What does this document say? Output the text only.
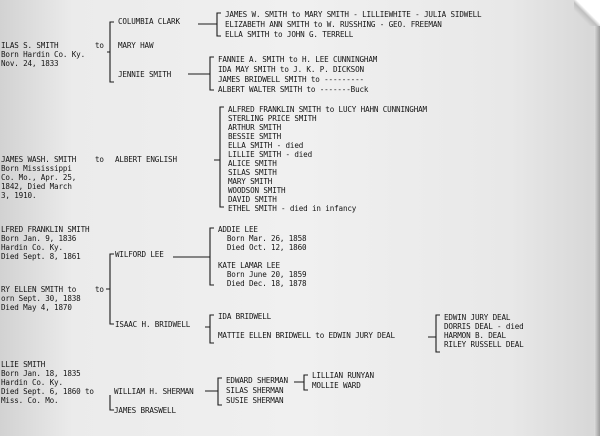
ILAS S. SMITH
Born Hardin Co. Ky.
Nov. 24, 1833
to MARY HAW
COLUMBIA CLARK
JENNIE SMITH
JAMES W. SMITH to MARY SMITH - LILLIEWHITE - JULIA SIDWELL
ELIZABETH ANN SMITH to W. RUSSHING - GEO. FREEMAN
ELLA SMITH to JOHN G. TERRELL
FANNIE A. SMITH to H. LEE CUNNINGHAM
IDA MAY SMITH to J. K. P. DICKSON
JAMES BRIDWELL SMITH to ---------
ALBERT WALTER SMITH to -------Buck
JAMES WASH. SMITH
Born Mississippi
Co. Mo., Apr. 25,
1842, Died March
3, 1910.
to ALBERT ENGLISH
ALFRED FRANKLIN SMITH to LUCY HAHN CUNNINGHAM
STERLING PRICE SMITH
ARTHUR SMITH
BESSIE SMITH
ELLA SMITH - died
LILLIE SMITH - died
ALICE SMITH
SILAS SMITH
MARY SMITH
WOODSON SMITH
DAVID SMITH
ETHEL SMITH - died in infancy
LFRED FRANKLIN SMITH
Born Jan. 9, 1836
Hardin Co. Ky.
Died Sept. 8, 1861
RY ELLEN SMITH to
orn Sept. 30, 1838
Died May 4, 1870
to
WILFORD LEE
ISAAC H. BRIDWELL
ADDIE LEE
Born Mar. 26, 1858
Died Oct. 12, 1860
KATE LAMAR LEE
Born June 20, 1859
Died Dec. 18, 1878
IDA BRIDWELL
MATTIE ELLEN BRIDWELL to EDWIN JURY DEAL
EDWIN JURY DEAL
DORRIS DEAL - died
HARMON B. DEAL
RILEY RUSSELL DEAL
LLIE SMITH
Born Jan. 18, 1835
Hardin Co. Ky.
Died Sept. 6, 1860 to
Miss. Co. Mo.
WILLIAM H. SHERMAN
JAMES BRASWELL
EDWARD SHERMAN
SILAS SHERMAN
SUSIE SHERMAN
LILLIAN RUNYAN
MOLLIE WARD
